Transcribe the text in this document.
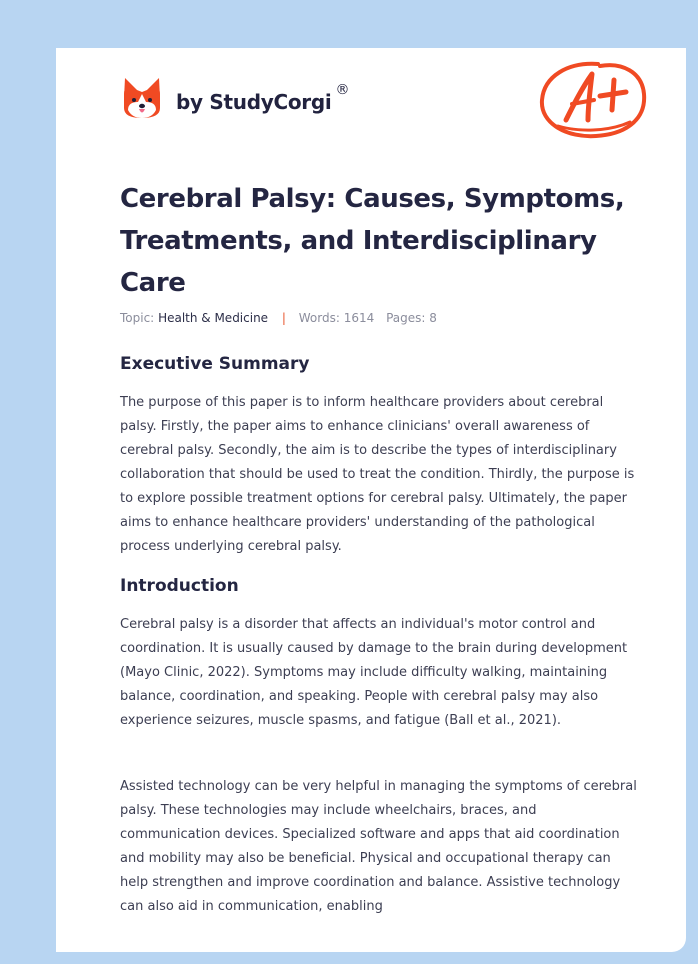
by StudyCorgi ®
Cerebral Palsy: Causes, Symptoms, Treatments, and Interdisciplinary Care
Topic: Health & Medicine | Words: 1614 Pages: 8
Executive Summary

The purpose of this paper is to inform healthcare providers about cerebral palsy. Firstly, the paper aims to enhance clinicians' overall awareness of cerebral palsy. Secondly, the aim is to describe the types of interdisciplinary collaboration that should be used to treat the condition. Thirdly, the purpose is to explore possible treatment options for cerebral palsy. Ultimately, the paper aims to enhance healthcare providers' understanding of the pathological process underlying cerebral palsy.

Introduction

Cerebral palsy is a disorder that affects an individual's motor control and coordination. It is usually caused by damage to the brain during development (Mayo Clinic, 2022). Symptoms may include difficulty walking, maintaining balance, coordination, and speaking. People with cerebral palsy may also experience seizures, muscle spasms, and fatigue (Ball et al., 2021).

Assisted technology can be very helpful in managing the symptoms of cerebral palsy. These technologies may include wheelchairs, braces, and communication devices. Specialized software and apps that aid coordination and mobility may also be beneficial. Physical and occupational therapy can help strengthen and improve coordination and balance. Assistive technology can also aid in communication, enabling
